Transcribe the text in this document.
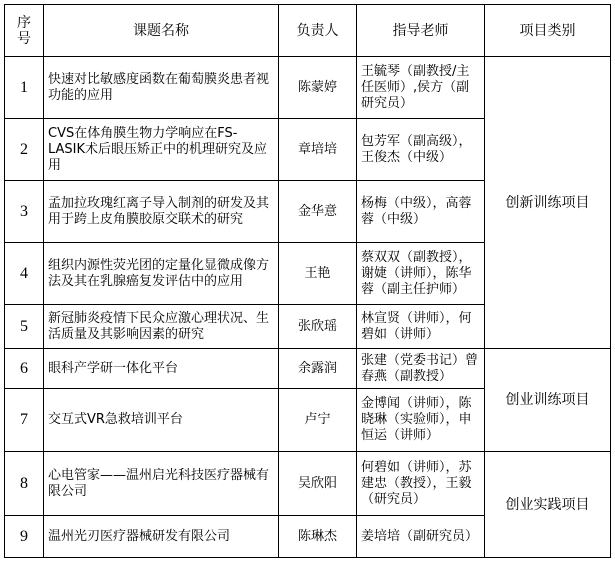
序号	课题名称	负责人	指导老师	项目类别
1	快速对比敏感度函数在葡萄膜炎患者视功能的应用	陈蒙婷	王毓琴（副教授/主任医师）,侯方（副研究员）	创新训练项目
2	CVS在体角膜生物力学响应在FS-LASIK术后眼压矫正中的机理研究及应用	章培培	包芳军（副高级），王俊杰（中级）	
3	孟加拉玫瑰红离子导入制剂的研发及其用于跨上皮角膜胶原交联术的研究	金华意	杨梅（中级），高蓉蓉（中级）	
4	组织内源性荧光团的定量化显微成像方法及其在乳腺癌复发评估中的应用	王艳	蔡双双（副教授），谢婕（讲师），陈华蓉（副主任护师）	
5	新冠肺炎疫情下民众应激心理状况、生活质量及其影响因素的研究	张欣瑶	林宣贤（讲师），何碧如（讲师）	
6	眼科产学研一体化平台	余露润	张建（党委书记）曾春燕（副教授）	创业训练项目
7	交互式VR急救培训平台	卢宁	金博闻（讲师），陈晓琳（实验师），申恒运（讲师）	
8	心电管家——温州启光科技医疗器械有限公司	吴欣阳	何碧如（讲师），苏建忠（教授），王毅（研究员）	创业实践项目
9	温州光刃医疗器械研发有限公司	陈琳杰	姜培培（副研究员）	
